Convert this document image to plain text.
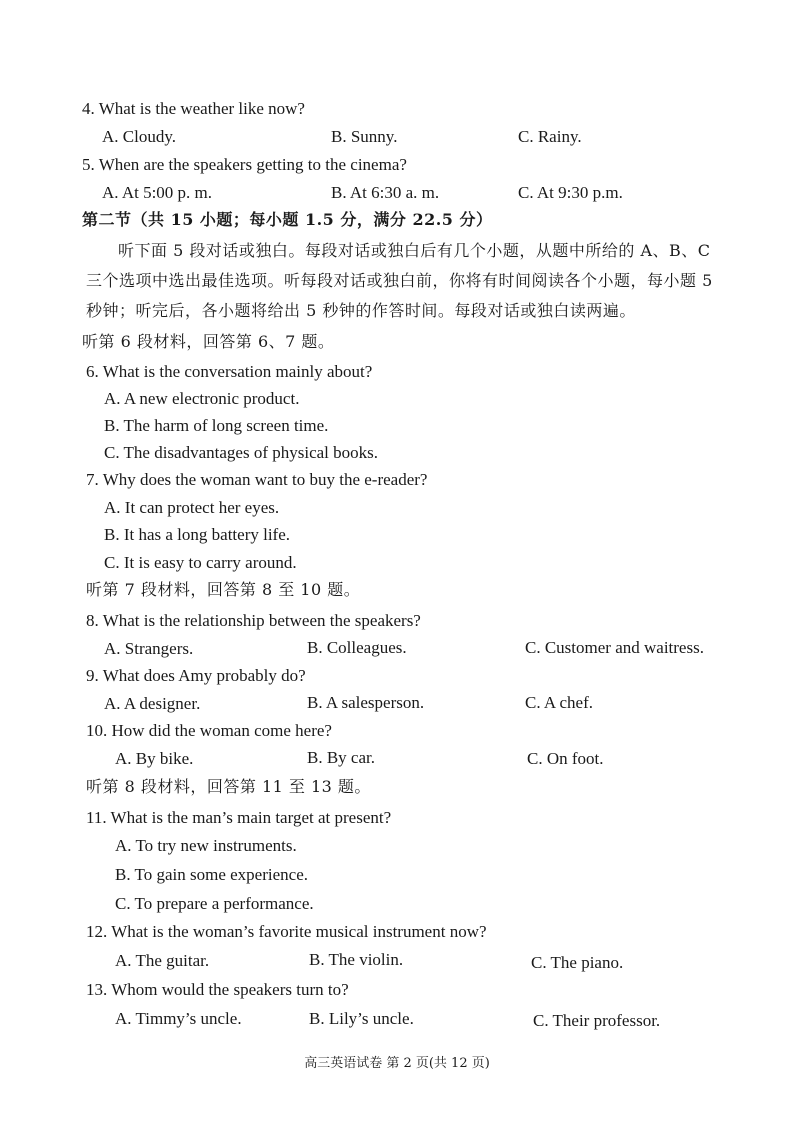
4. What is the weather like now?
A. Cloudy.	B. Sunny.	C. Rainy.
5. When are the speakers getting to the cinema?
A. At 5:00 p. m.	B. At 6:30 a. m.	C. At 9:30 p.m.
第二节（共 15 小题；每小题 1.5 分，满分 22.5 分）
听下面 5 段对话或独白。每段对话或独白后有几个小题，从题中所给的 A、B、C 三个选项中选出最佳选项。听每段对话或独白前，你将有时间阅读各个小题，每小题 5 秒钟；听完后，各小题将给出 5 秒钟的作答时间。每段对话或独白读两遍。
听第 6 段材料，回答第 6、7 题。
6. What is the conversation mainly about?
A. A new electronic product.
B. The harm of long screen time.
C. The disadvantages of physical books.
7. Why does the woman want to buy the e-reader?
A. It can protect her eyes.
B. It has a long battery life.
C. It is easy to carry around.
听第 7 段材料，回答第 8 至 10 题。
8. What is the relationship between the speakers?
A. Strangers.	B. Colleagues.	C. Customer and waitress.
9. What does Amy probably do?
A. A designer.	B. A salesperson.	C. A chef.
10. How did the woman come here?
A. By bike.	B. By car.	C. On foot.
听第 8 段材料，回答第 11 至 13 题。
11. What is the man’s main target at present?
A. To try new instruments.
B. To gain some experience.
C. To prepare a performance.
12. What is the woman’s favorite musical instrument now?
A. The guitar.	B. The violin.	C. The piano.
13. Whom would the speakers turn to?
A. Timmy’s uncle.	B. Lily’s uncle.	C. Their professor.
高三英语试卷 第 2 页(共 12 页)
